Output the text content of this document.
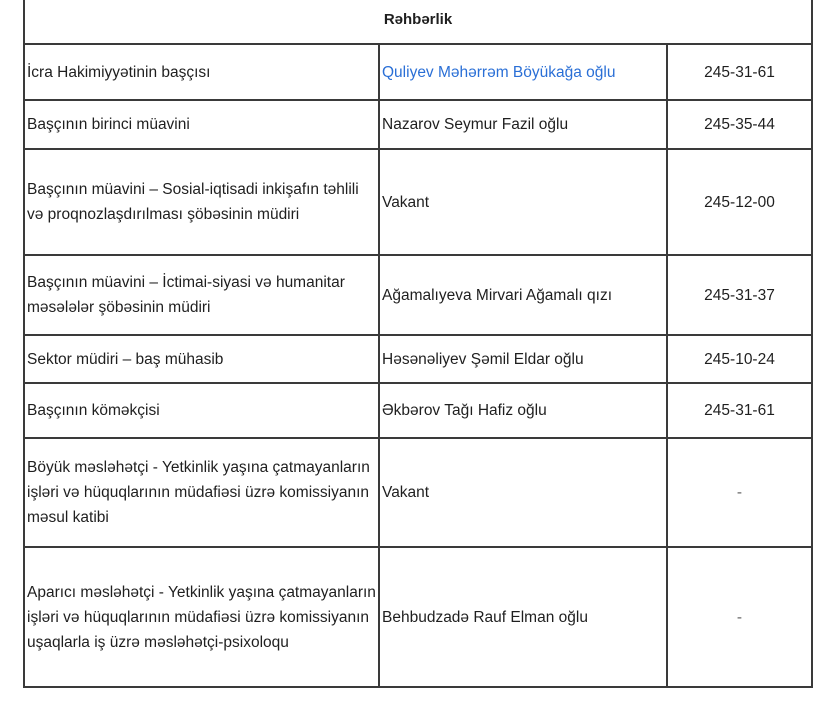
Rəhbərlik		
İcra Hakimiyyətinin başçısı	Quliyev Məhərrəm Böyükağa oğlu	245-31-61
Başçının birinci müavini	Nazarov Seymur Fazil oğlu	245-35-44
Başçının müavini – Sosial-iqtisadi inkişafın təhlili və proqnozlaşdırılması şöbəsinin müdiri	Vakant	245-12-00
Başçının müavini – İctimai-siyasi və humanitar məsələlər şöbəsinin müdiri	Ağamalıyeva Mirvari Ağamalı qızı	245-31-37
Sektor müdiri – baş mühasib	Həsənəliyev Şəmil Eldar oğlu	245-10-24
Başçının köməkçisi	Əkbərov Tağı Hafiz oğlu	245-31-61
Böyük məsləhətçi - Yetkinlik yaşına çatmayanların işləri və hüquqlarının müdafiəsi üzrə komissiyanın məsul katibi	Vakant	-
Aparıcı məsləhətçi - Yetkinlik yaşına çatmayanların işləri və hüquqlarının müdafiəsi üzrə komissiyanın uşaqlarla iş üzrə məsləhətçi-psixoloqu	Behbudzadə Rauf Elman oğlu	-
